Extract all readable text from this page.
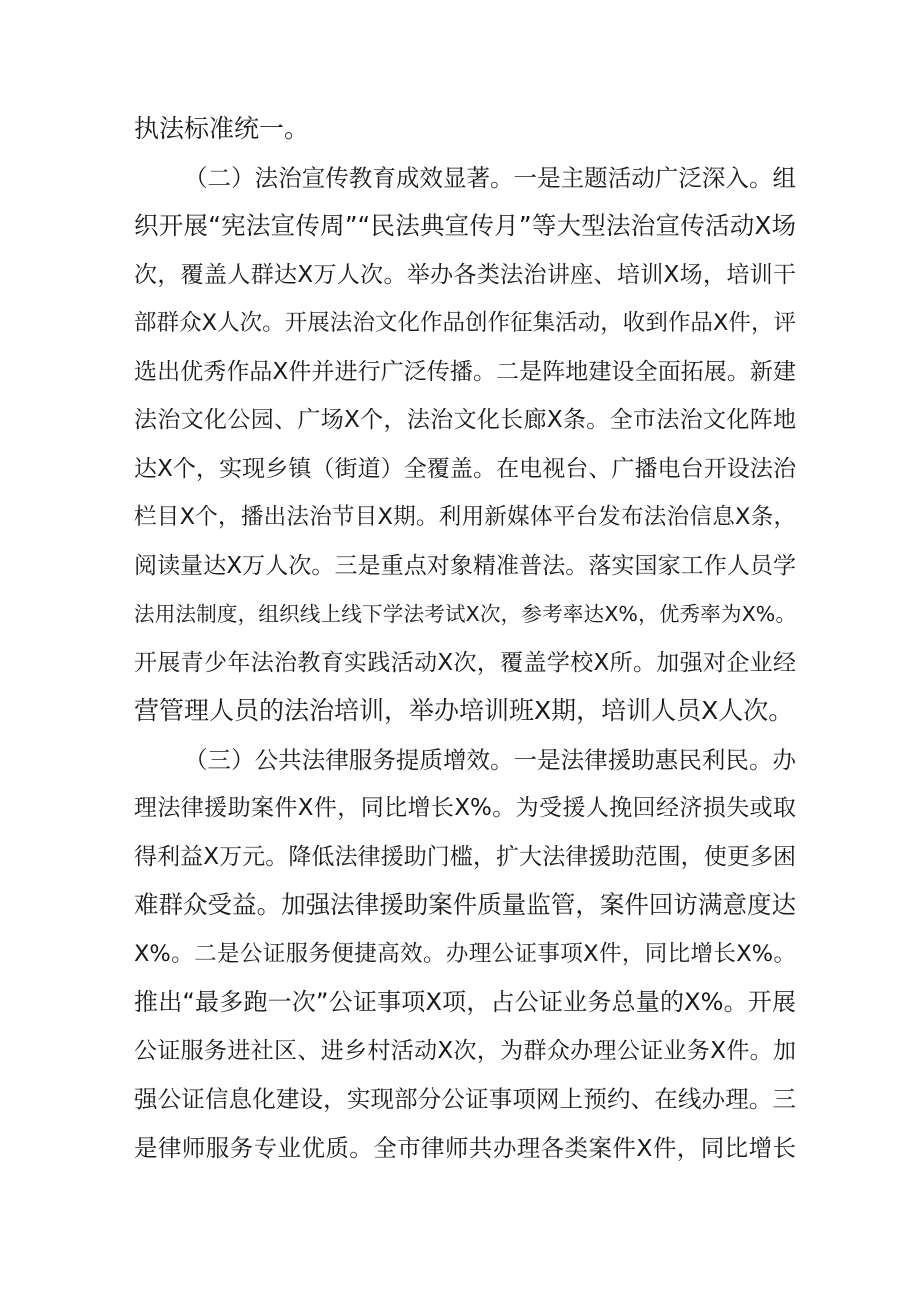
执法标准统一。
（二）法治宣传教育成效显著。一是主题活动广泛深入。组
织开展“宪法宣传周”“民法典宣传月”等大型法治宣传活动X场
次，覆盖人群达X万人次。举办各类法治讲座、培训X场，培训干
部群众X人次。开展法治文化作品创作征集活动，收到作品X件，评
选出优秀作品X件并进行广泛传播。二是阵地建设全面拓展。新建
法治文化公园、广场X个，法治文化长廊X条。全市法治文化阵地
达X个，实现乡镇（街道）全覆盖。在电视台、广播电台开设法治
栏目X个，播出法治节目X期。利用新媒体平台发布法治信息X条，
阅读量达X万人次。三是重点对象精准普法。落实国家工作人员学
法用法制度，组织线上线下学法考试X次，参考率达X%，优秀率为X%。
开展青少年法治教育实践活动X次，覆盖学校X所。加强对企业经
营管理人员的法治培训，举办培训班X期，培训人员X人次。
（三）公共法律服务提质增效。一是法律援助惠民利民。办
理法律援助案件X件，同比增长X%。为受援人挽回经济损失或取
得利益X万元。降低法律援助门槛，扩大法律援助范围，使更多困
难群众受益。加强法律援助案件质量监管，案件回访满意度达
X%。二是公证服务便捷高效。办理公证事项X件，同比增长X%。
推出“最多跑一次”公证事项X项，占公证业务总量的X%。开展
公证服务进社区、进乡村活动X次，为群众办理公证业务X件。加
强公证信息化建设，实现部分公证事项网上预约、在线办理。三
是律师服务专业优质。全市律师共办理各类案件X件，同比增长
